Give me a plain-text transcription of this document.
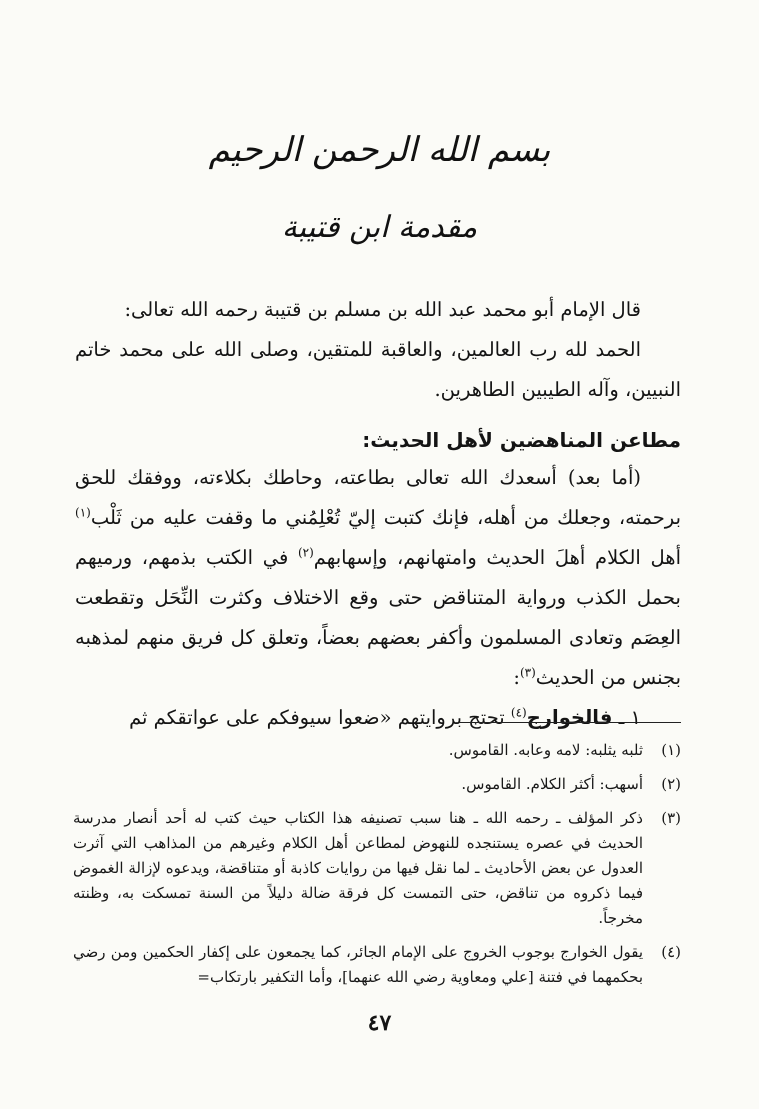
بسم الله الرحمن الرحيم
مقدمة ابن قتيبة
قال الإمام أبو محمد عبد الله بن مسلم بن قتيبة رحمه الله تعالى:
الحمد لله رب العالمين، والعاقبة للمتقين، وصلى الله على محمد خاتم النبيين، وآله الطيبين الطاهرين.
مطاعن المناهضين لأهل الحديث:
(أما بعد) أسعدك الله تعالى بطاعته، وحاطك بكلاءته، ووفقك للحق برحمته، وجعلك من أهله، فإنك كتبت إليّ تُعْلِمُني ما وقفت عليه من ثَلْب$^{(١)}$ أهل الكلام أهلَ الحديث وامتهانهم، وإسهابهم$^{(٢)}$ في الكتب بذمهم، ورميهم بحمل الكذب ورواية المتناقض حتى وقع الاختلاف وكثرت النِّحَل وتقطعت العِصَم وتعادى المسلمون وأكفر بعضهم بعضاً، وتعلق كل فريق منهم لمذهبه بجنس من الحديث$^{(٣)}$:
١ ـ فالخوارج$^{(٤)}$ تحتج بروايتهم «ضعوا سيوفكم على عواتقكم ثم
(١)
ثلبه يثلبه: لامه وعابه. القاموس.
(٢)
أسهب: أكثر الكلام. القاموس.
(٣)
ذكر المؤلف ـ رحمه الله ـ هنا سبب تصنيفه هذا الكتاب حيث كتب له أحد أنصار مدرسة الحديث في عصره يستنجده للنهوض لمطاعن أهل الكلام وغيرهم من المذاهب التي آثرت العدول عن بعض الأحاديث ـ لما نقل فيها من روايات كاذبة أو متناقضة، ويدعوه لإزالة الغموض فيما ذكروه من تناقض، حتى التمست كل فرقة ضالة دليلاً من السنة تمسكت به، وظنته مخرجاً.
(٤)
يقول الخوارج بوجوب الخروج على الإمام الجائر، كما يجمعون على إكفار الحكمين ومن رضي بحكمهما في فتنة [علي ومعاوية رضي الله عنهما]، وأما التكفير بارتكاب=
٤٧
